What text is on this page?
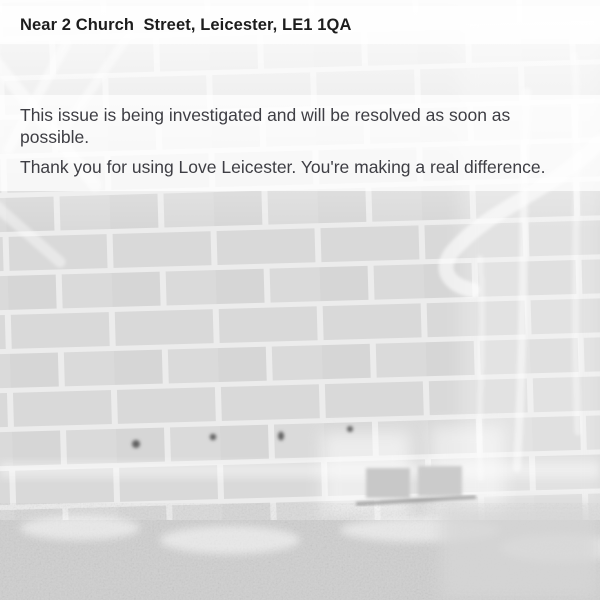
Near 2 Church  Street, Leicester, LE1 1QA

This issue is being investigated and will be resolved as soon as possible.

Thank you for using Love Leicester. You're making a real difference.
